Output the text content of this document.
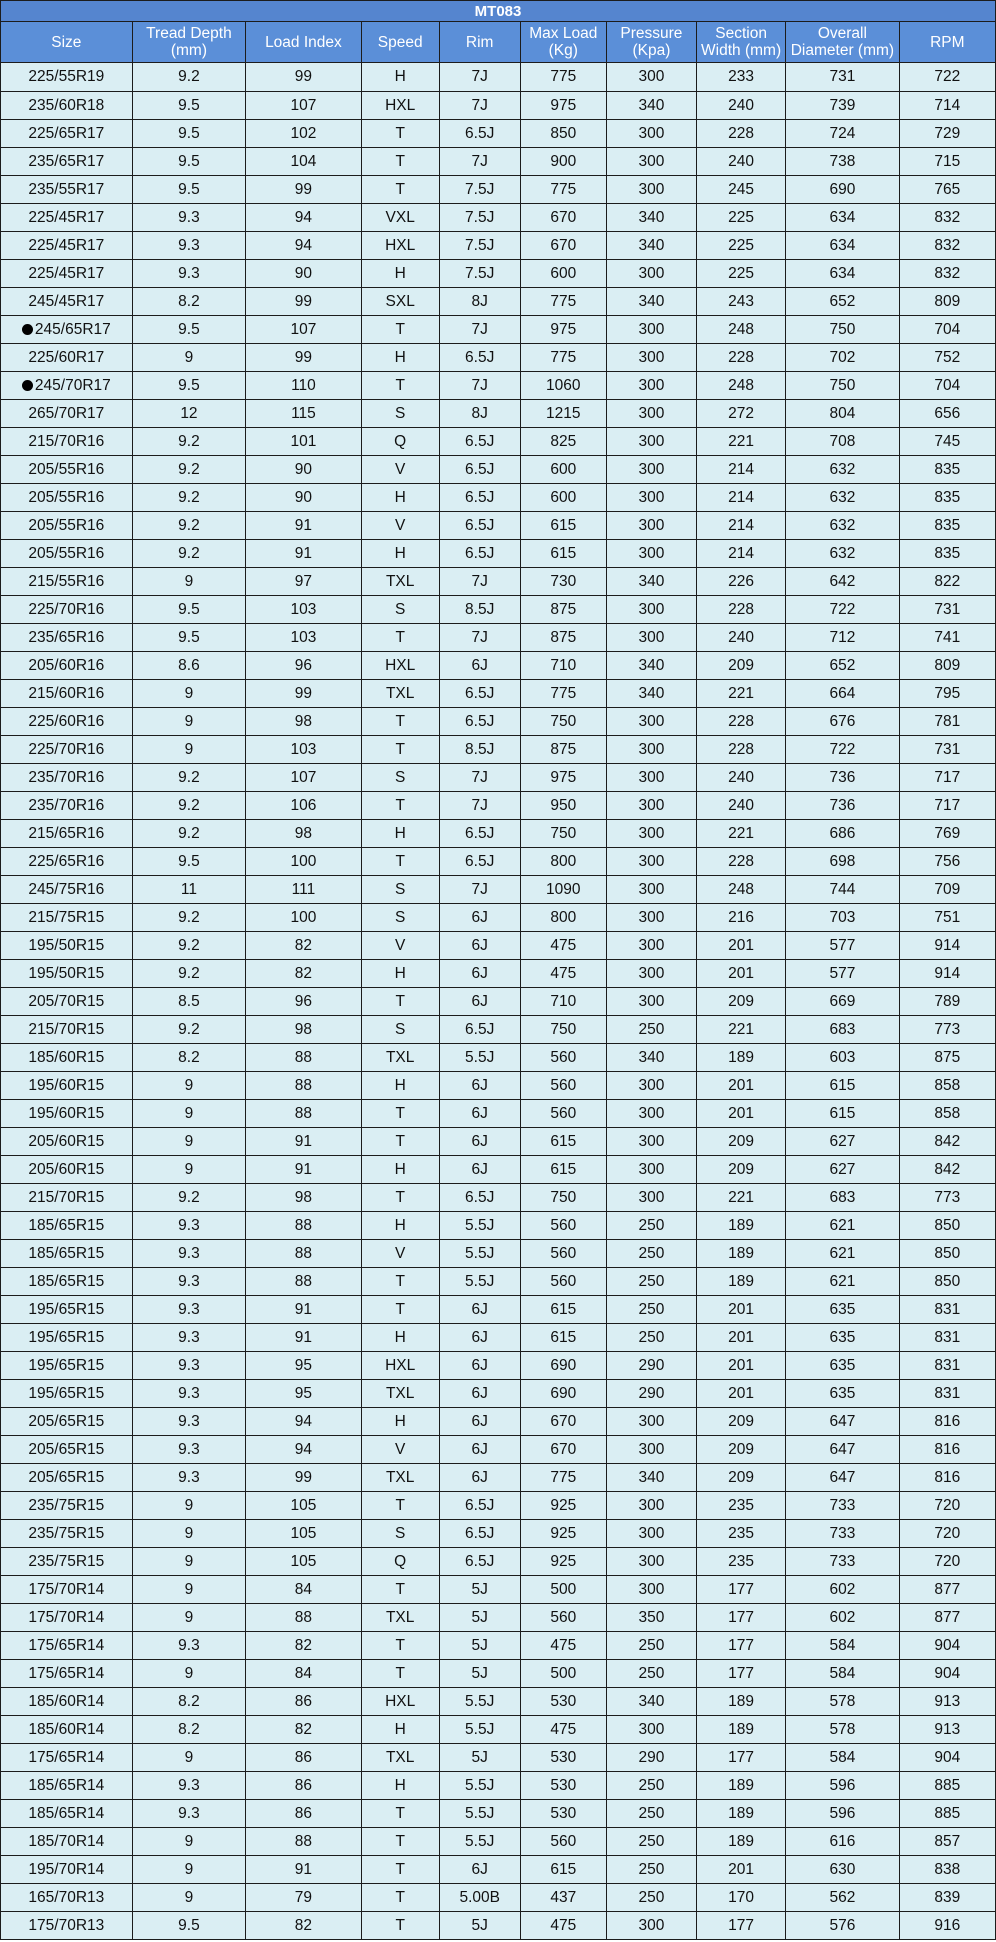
MT083									
Size	Tread Depth (mm)	Load Index	Speed	Rim	Max Load (Kg)	Pressure (Kpa)	Section Width (mm)	Overall Diameter (mm)	RPM
225/55R19	9.2	99	H	7J	775	300	233	731	722
235/60R18	9.5	107	HXL	7J	975	340	240	739	714
225/65R17	9.5	102	T	6.5J	850	300	228	724	729
235/65R17	9.5	104	T	7J	900	300	240	738	715
235/55R17	9.5	99	T	7.5J	775	300	245	690	765
225/45R17	9.3	94	VXL	7.5J	670	340	225	634	832
225/45R17	9.3	94	HXL	7.5J	670	340	225	634	832
225/45R17	9.3	90	H	7.5J	600	300	225	634	832
245/45R17	8.2	99	SXL	8J	775	340	243	652	809
245/65R17	9.5	107	T	7J	975	300	248	750	704
225/60R17	9	99	H	6.5J	775	300	228	702	752
245/70R17	9.5	110	T	7J	1060	300	248	750	704
265/70R17	12	115	S	8J	1215	300	272	804	656
215/70R16	9.2	101	Q	6.5J	825	300	221	708	745
205/55R16	9.2	90	V	6.5J	600	300	214	632	835
205/55R16	9.2	90	H	6.5J	600	300	214	632	835
205/55R16	9.2	91	V	6.5J	615	300	214	632	835
205/55R16	9.2	91	H	6.5J	615	300	214	632	835
215/55R16	9	97	TXL	7J	730	340	226	642	822
225/70R16	9.5	103	S	8.5J	875	300	228	722	731
235/65R16	9.5	103	T	7J	875	300	240	712	741
205/60R16	8.6	96	HXL	6J	710	340	209	652	809
215/60R16	9	99	TXL	6.5J	775	340	221	664	795
225/60R16	9	98	T	6.5J	750	300	228	676	781
225/70R16	9	103	T	8.5J	875	300	228	722	731
235/70R16	9.2	107	S	7J	975	300	240	736	717
235/70R16	9.2	106	T	7J	950	300	240	736	717
215/65R16	9.2	98	H	6.5J	750	300	221	686	769
225/65R16	9.5	100	T	6.5J	800	300	228	698	756
245/75R16	11	111	S	7J	1090	300	248	744	709
215/75R15	9.2	100	S	6J	800	300	216	703	751
195/50R15	9.2	82	V	6J	475	300	201	577	914
195/50R15	9.2	82	H	6J	475	300	201	577	914
205/70R15	8.5	96	T	6J	710	300	209	669	789
215/70R15	9.2	98	S	6.5J	750	250	221	683	773
185/60R15	8.2	88	TXL	5.5J	560	340	189	603	875
195/60R15	9	88	H	6J	560	300	201	615	858
195/60R15	9	88	T	6J	560	300	201	615	858
205/60R15	9	91	T	6J	615	300	209	627	842
205/60R15	9	91	H	6J	615	300	209	627	842
215/70R15	9.2	98	T	6.5J	750	300	221	683	773
185/65R15	9.3	88	H	5.5J	560	250	189	621	850
185/65R15	9.3	88	V	5.5J	560	250	189	621	850
185/65R15	9.3	88	T	5.5J	560	250	189	621	850
195/65R15	9.3	91	T	6J	615	250	201	635	831
195/65R15	9.3	91	H	6J	615	250	201	635	831
195/65R15	9.3	95	HXL	6J	690	290	201	635	831
195/65R15	9.3	95	TXL	6J	690	290	201	635	831
205/65R15	9.3	94	H	6J	670	300	209	647	816
205/65R15	9.3	94	V	6J	670	300	209	647	816
205/65R15	9.3	99	TXL	6J	775	340	209	647	816
235/75R15	9	105	T	6.5J	925	300	235	733	720
235/75R15	9	105	S	6.5J	925	300	235	733	720
235/75R15	9	105	Q	6.5J	925	300	235	733	720
175/70R14	9	84	T	5J	500	300	177	602	877
175/70R14	9	88	TXL	5J	560	350	177	602	877
175/65R14	9.3	82	T	5J	475	250	177	584	904
175/65R14	9	84	T	5J	500	250	177	584	904
185/60R14	8.2	86	HXL	5.5J	530	340	189	578	913
185/60R14	8.2	82	H	5.5J	475	300	189	578	913
175/65R14	9	86	TXL	5J	530	290	177	584	904
185/65R14	9.3	86	H	5.5J	530	250	189	596	885
185/65R14	9.3	86	T	5.5J	530	250	189	596	885
185/70R14	9	88	T	5.5J	560	250	189	616	857
195/70R14	9	91	T	6J	615	250	201	630	838
165/70R13	9	79	T	5.00B	437	250	170	562	839
175/70R13	9.5	82	T	5J	475	300	177	576	916
